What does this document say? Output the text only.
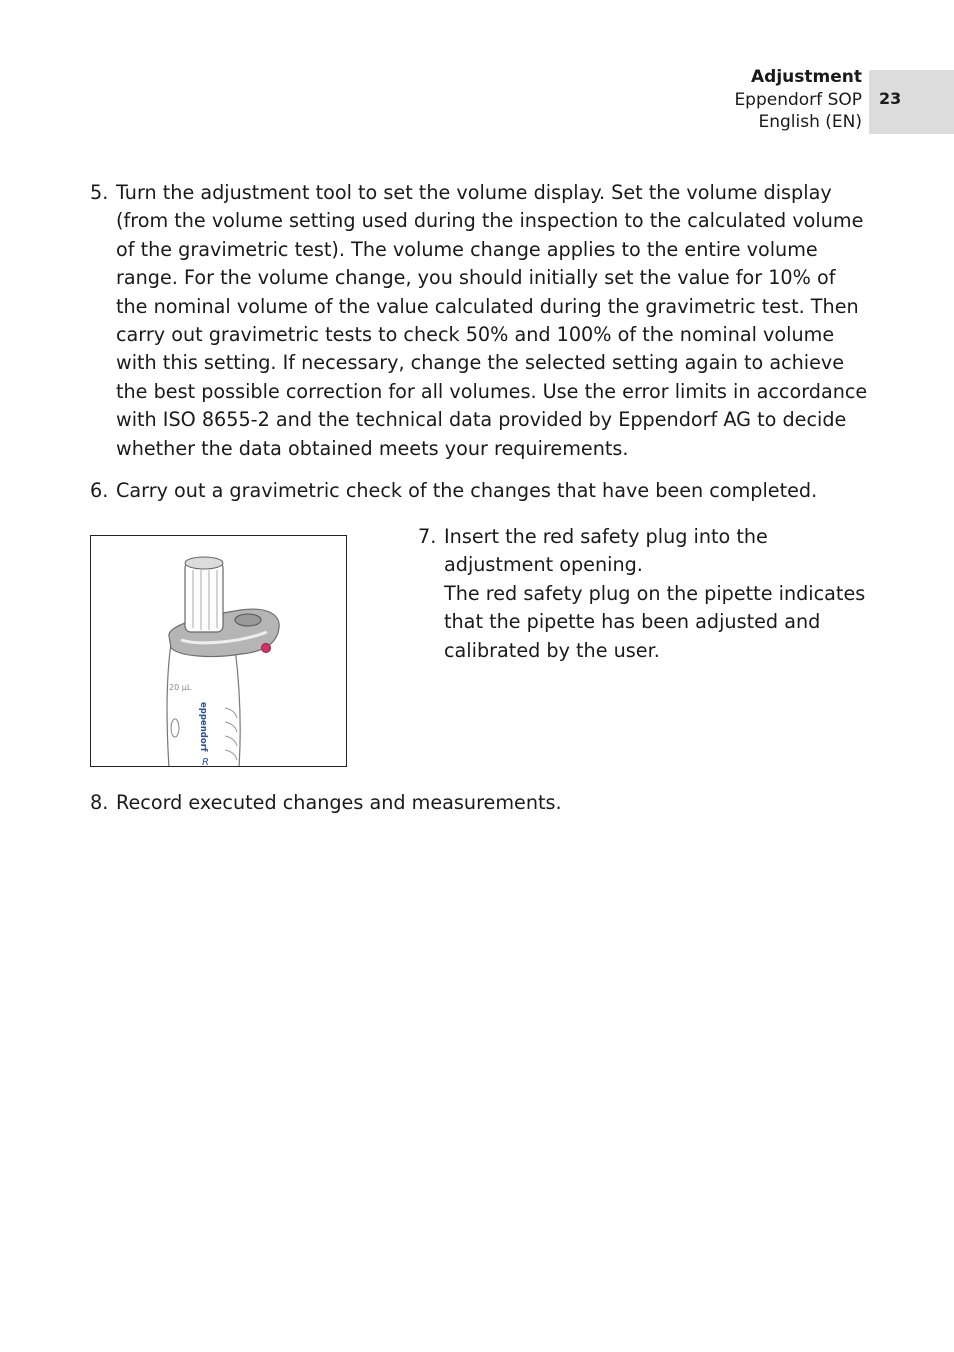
Adjustment
Eppendorf SOP
English (EN)
23
5. Turn the adjustment tool to set the volume display. Set the volume display (from the volume setting used during the inspection to the calculated volume of the gravimetric test). The volume change applies to the entire volume range. For the volume change, you should initially set the value for 10% of the nominal volume of the value calculated during the gravimetric test. Then carry out gravimetric tests to check 50% and 100% of the nominal volume with this setting. If necessary, change the selected setting again to achieve the best possible correction for all volumes. Use the error limits in accordance with ISO 8655-2 and the technical data provided by Eppendorf AG to decide whether the data obtained meets your requirements.

6. Carry out a gravimetric check of the changes that have been completed.

20 µL
eppendorf
R
7. Insert the red safety plug into the adjustment opening.

The red safety plug on the pipette indicates that the pipette has been adjusted and calibrated by the user.

8. Record executed changes and measurements.
